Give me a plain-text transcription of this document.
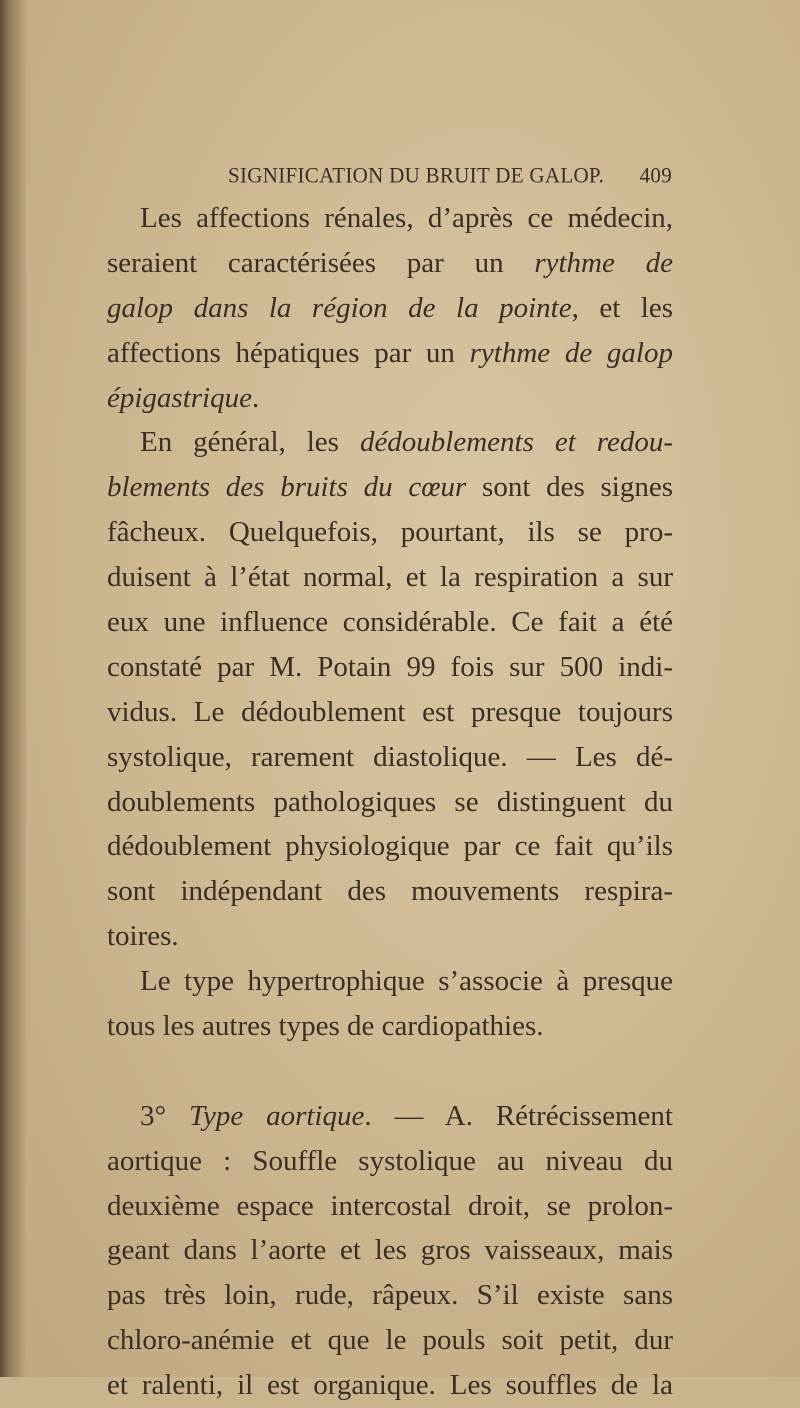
SIGNIFICATION DU BRUIT DE GALOP. 409
Les affections rénales, d’après ce médecin,
seraient caractérisées par un rythme de
galop dans la région de la pointe, et les
affections hépatiques par un rythme de galop
épigastrique.
En général, les dédoublements et redou-
blements des bruits du cœur sont des signes
fâcheux. Quelquefois, pourtant, ils se pro-
duisent à l’état normal, et la respiration a sur
eux une influence considérable. Ce fait a été
constaté par M. Potain 99 fois sur 500 indi-
vidus. Le dédoublement est presque toujours
systolique, rarement diastolique. — Les dé-
doublements pathologiques se distinguent du
dédoublement physiologique par ce fait qu’ils
sont indépendant des mouvements respira-
toires.
Le type hypertrophique s’associe à presque
tous les autres types de cardiopathies.
3° Type aortique. — A. Rétrécissement
aortique : Souffle systolique au niveau du
deuxième espace intercostal droit, se prolon-
geant dans l’aorte et les gros vaisseaux, mais
pas très loin, rude, râpeux. S’il existe sans
chloro-anémie et que le pouls soit petit, dur
et ralenti, il est organique. Les souffles de la
